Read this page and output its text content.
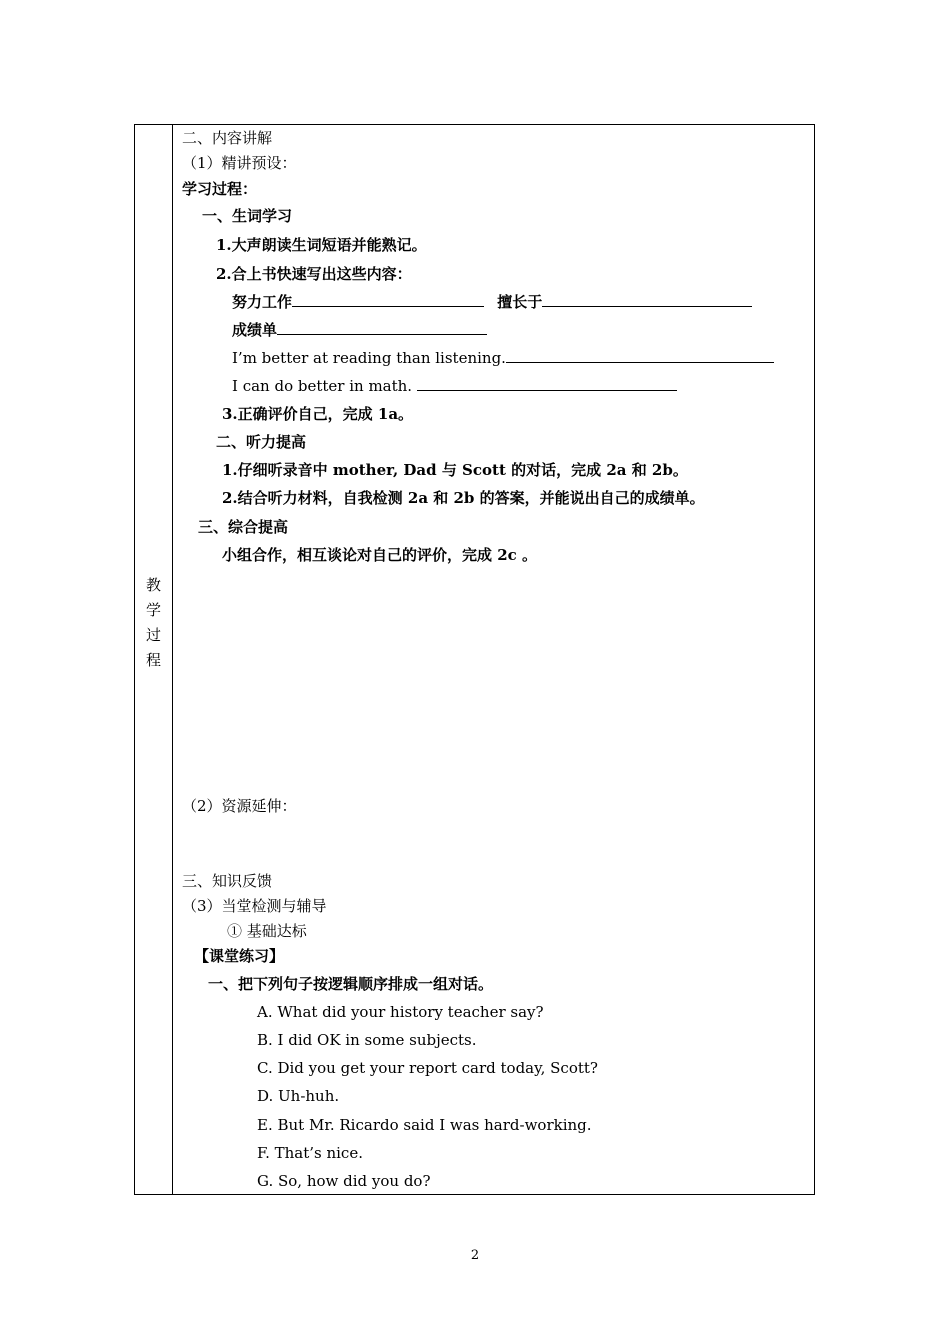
教
学
过
程
二、内容讲解
（1）精讲预设：
学习过程：
一、生词学习
1.大声朗读生词短语并能熟记。
2.合上书快速写出这些内容：
努力工作	擅长于
成绩单
I’m better at reading than listening.
I can do better in math.
3.正确评价自己，完成 1a。
二、听力提高
1.仔细听录音中 mother, Dad 与 Scott 的对话，完成 2a 和 2b。
2.结合听力材料，自我检测 2a 和 2b 的答案，并能说出自己的成绩单。
三、综合提高
小组合作，相互谈论对自己的评价，完成 2c 。
（2）资源延伸：
三、知识反馈
（3）当堂检测与辅导
① 基础达标
【课堂练习】
一、把下列句子按逻辑顺序排成一组对话。
A. What did your history teacher say?
B. I did OK in some subjects.
C. Did you get your report card today, Scott?
D. Uh-huh.
E. But Mr. Ricardo said I was hard-working.
F. That’s nice.
G. So, how did you do?
2
